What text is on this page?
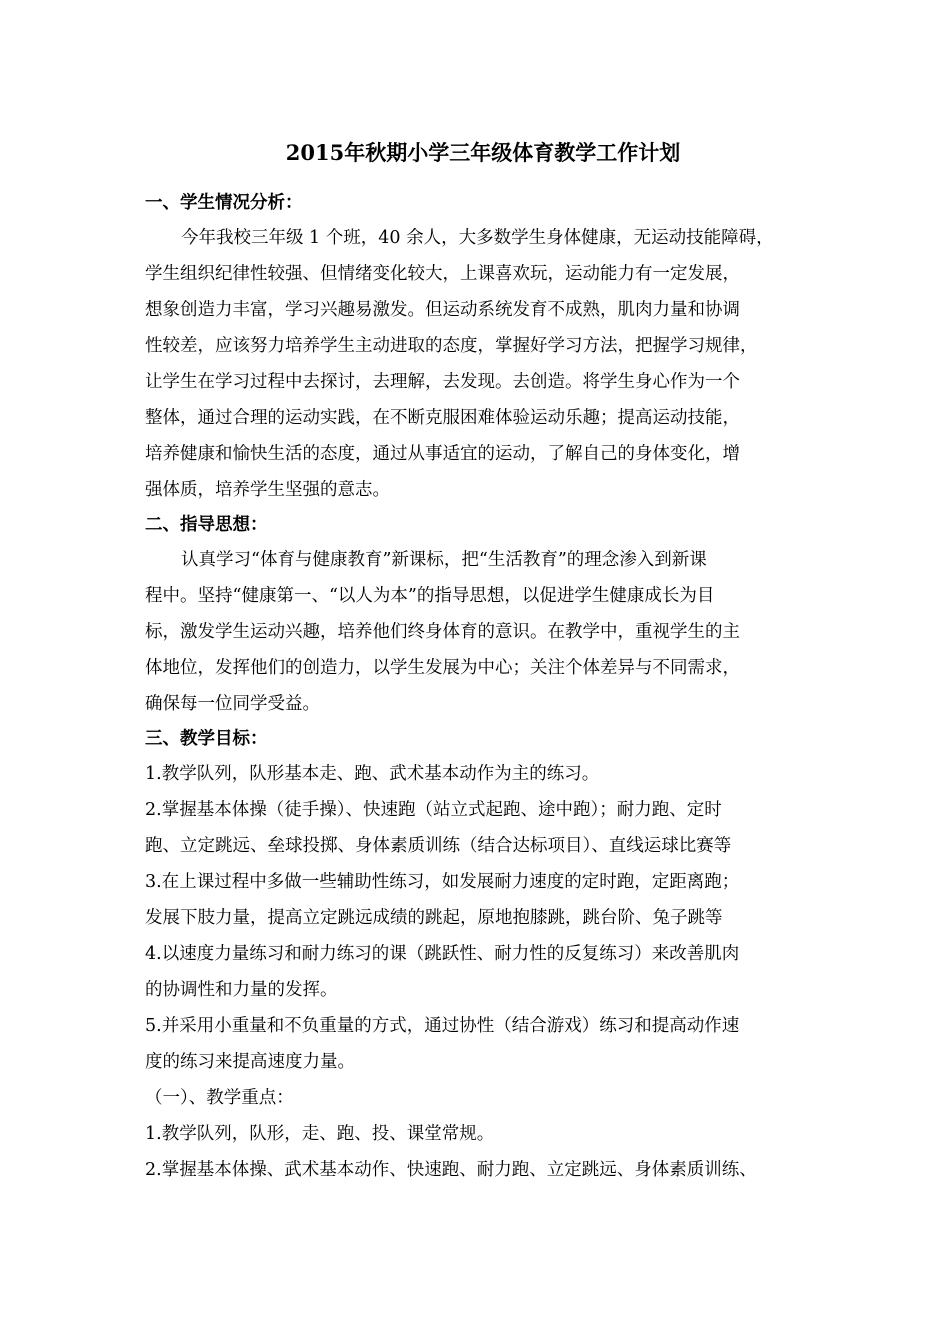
2015年秋期小学三年级体育教学工作计划
一、学生情况分析：
今年我校三年级 1 个班，40 余人，大多数学生身体健康，无运动技能障碍，
学生组织纪律性较强、但情绪变化较大，上课喜欢玩，运动能力有一定发展，
想象创造力丰富，学习兴趣易激发。但运动系统发育不成熟，肌肉力量和协调
性较差，应该努力培养学生主动进取的态度，掌握好学习方法，把握学习规律，
让学生在学习过程中去探讨，去理解，去发现。去创造。将学生身心作为一个
整体，通过合理的运动实践，在不断克服困难体验运动乐趣；提高运动技能，
培养健康和愉快生活的态度，通过从事适宜的运动，了解自己的身体变化，增
强体质，培养学生坚强的意志。
二、指导思想：
认真学习“体育与健康教育”新课标，把“生活教育”的理念渗入到新课
程中。坚持“健康第一、“以人为本”的指导思想，以促进学生健康成长为目
标，激发学生运动兴趣，培养他们终身体育的意识。在教学中，重视学生的主
体地位，发挥他们的创造力，以学生发展为中心；关注个体差异与不同需求，
确保每一位同学受益。
三、教学目标：
1.教学队列，队形基本走、跑、武术基本动作为主的练习。
2.掌握基本体操（徒手操）、快速跑（站立式起跑、途中跑）；耐力跑、定时
跑、立定跳远、垒球投掷、身体素质训练（结合达标项目）、直线运球比赛等
3.在上课过程中多做一些辅助性练习，如发展耐力速度的定时跑，定距离跑；
发展下肢力量，提高立定跳远成绩的跳起，原地抱膝跳，跳台阶、兔子跳等
4.以速度力量练习和耐力练习的课（跳跃性、耐力性的反复练习）来改善肌肉
的协调性和力量的发挥。
5.并采用小重量和不负重量的方式，通过协性（结合游戏）练习和提高动作速
度的练习来提高速度力量。
（一）、教学重点：
1.教学队列，队形，走、跑、投、课堂常规。
2.掌握基本体操、武术基本动作、快速跑、耐力跑、立定跳远、身体素质训练、
